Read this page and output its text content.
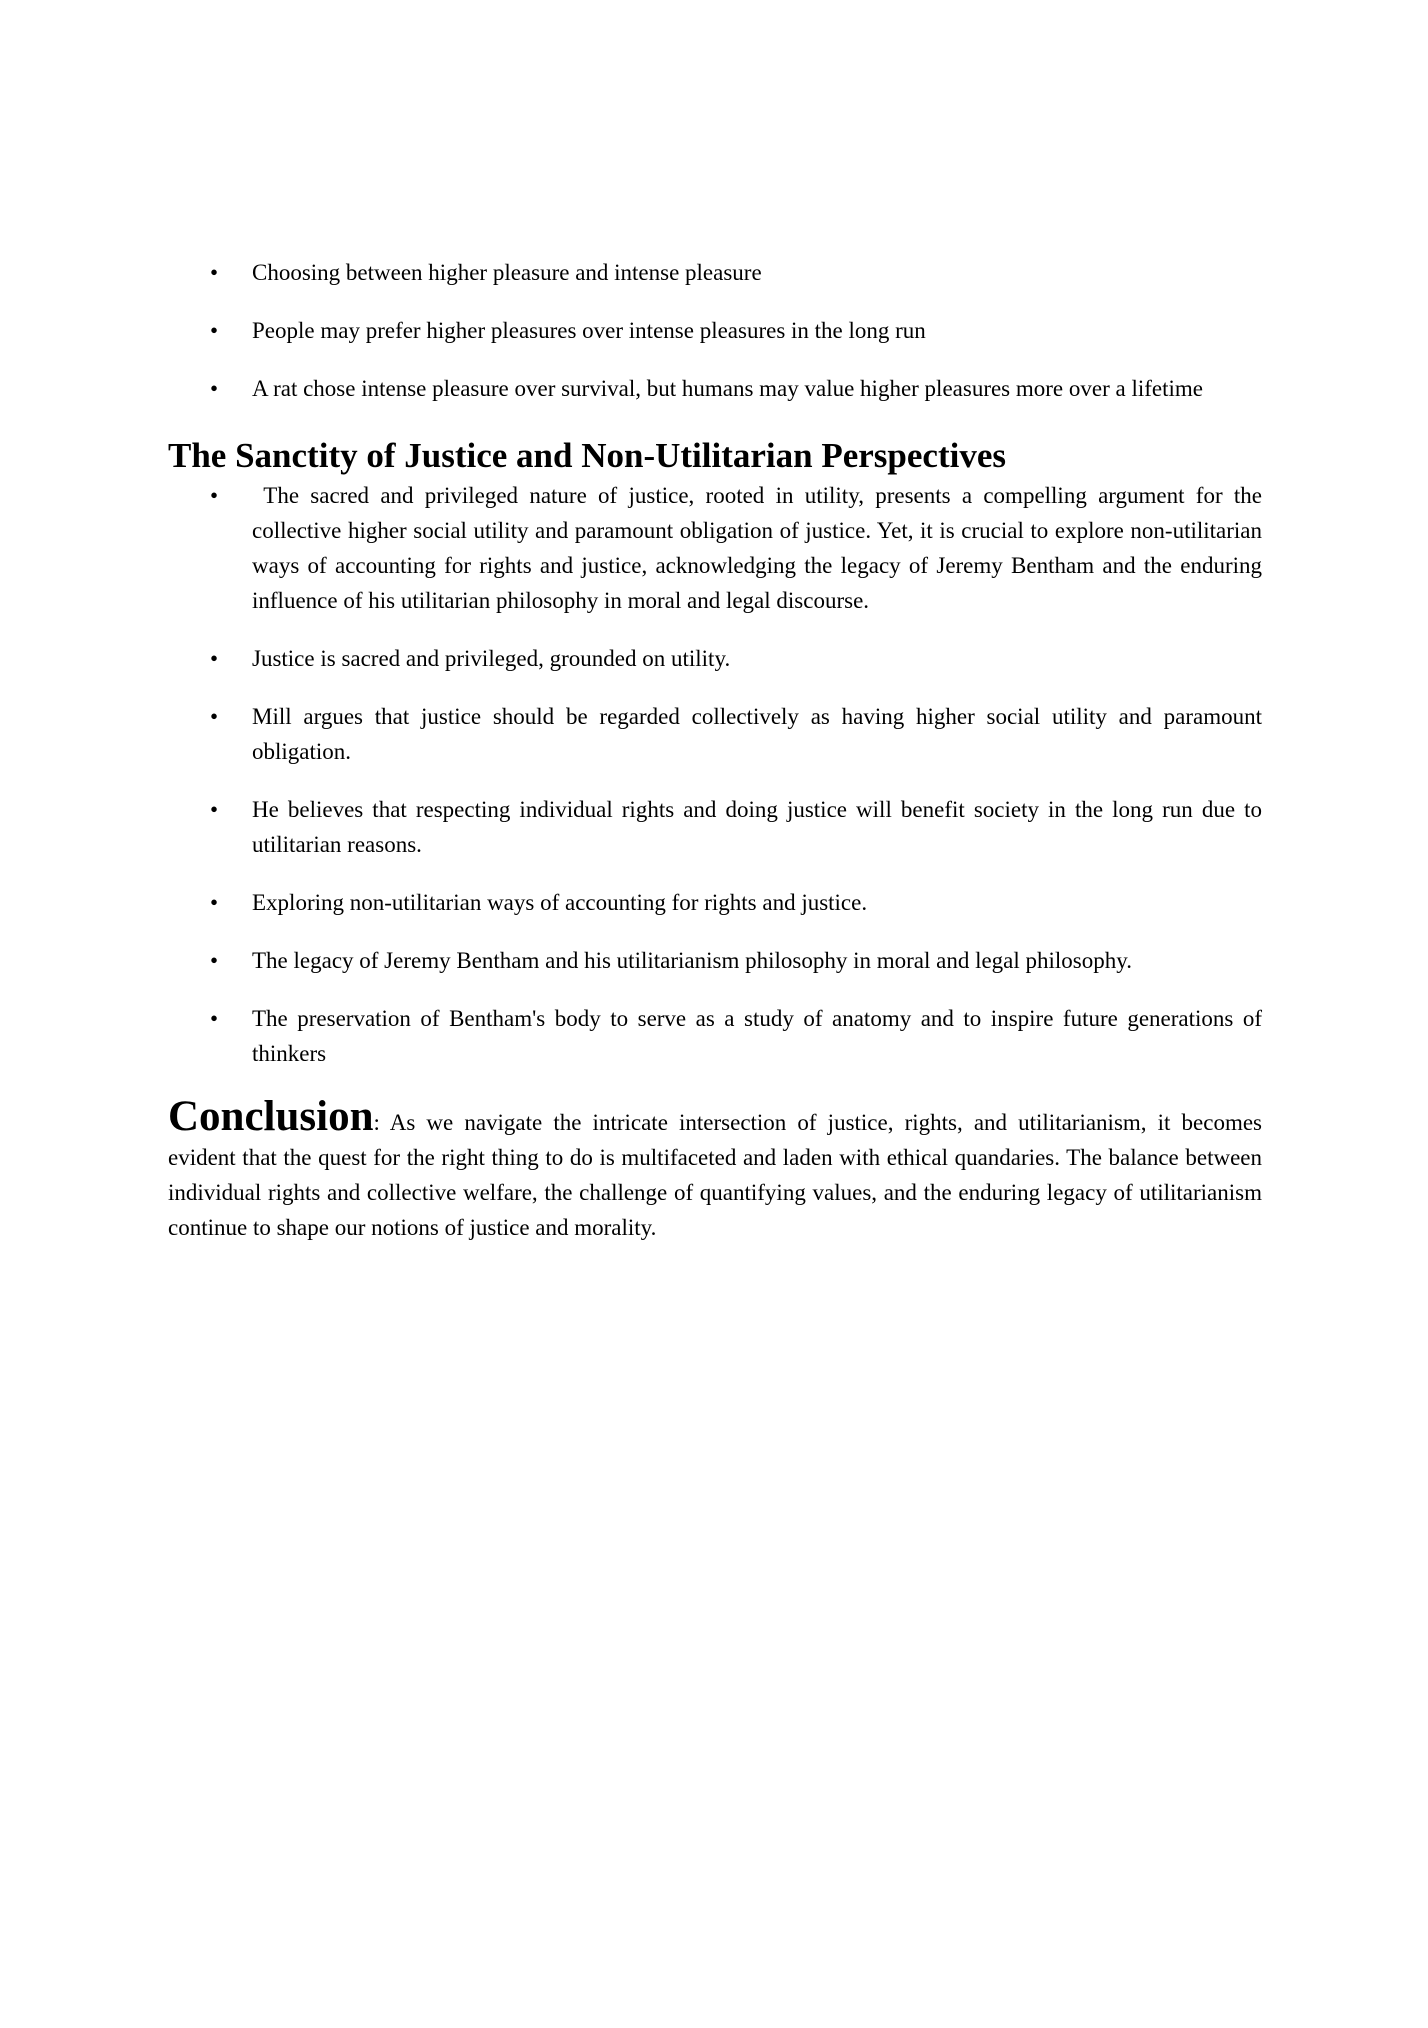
• Choosing between higher pleasure and intense pleasure
• People may prefer higher pleasures over intense pleasures in the long run
• A rat chose intense pleasure over survival, but humans may value higher pleasures more over a lifetime
The Sanctity of Justice and Non-Utilitarian Perspectives
• The sacred and privileged nature of justice, rooted in utility, presents a compelling argument for the collective higher social utility and paramount obligation of justice. Yet, it is crucial to explore non-utilitarian ways of accounting for rights and justice, acknowledging the legacy of Jeremy Bentham and the enduring influence of his utilitarian philosophy in moral and legal discourse.
• Justice is sacred and privileged, grounded on utility.
• Mill argues that justice should be regarded collectively as having higher social utility and paramount obligation.
• He believes that respecting individual rights and doing justice will benefit society in the long run due to utilitarian reasons.
• Exploring non-utilitarian ways of accounting for rights and justice.
• The legacy of Jeremy Bentham and his utilitarianism philosophy in moral and legal philosophy.
• The preservation of Bentham's body to serve as a study of anatomy and to inspire future generations of thinkers

Conclusion: As we navigate the intricate intersection of justice, rights, and utilitarianism, it becomes evident that the quest for the right thing to do is multifaceted and laden with ethical quandaries. The balance between individual rights and collective welfare, the challenge of quantifying values, and the enduring legacy of utilitarianism continue to shape our notions of justice and morality.
